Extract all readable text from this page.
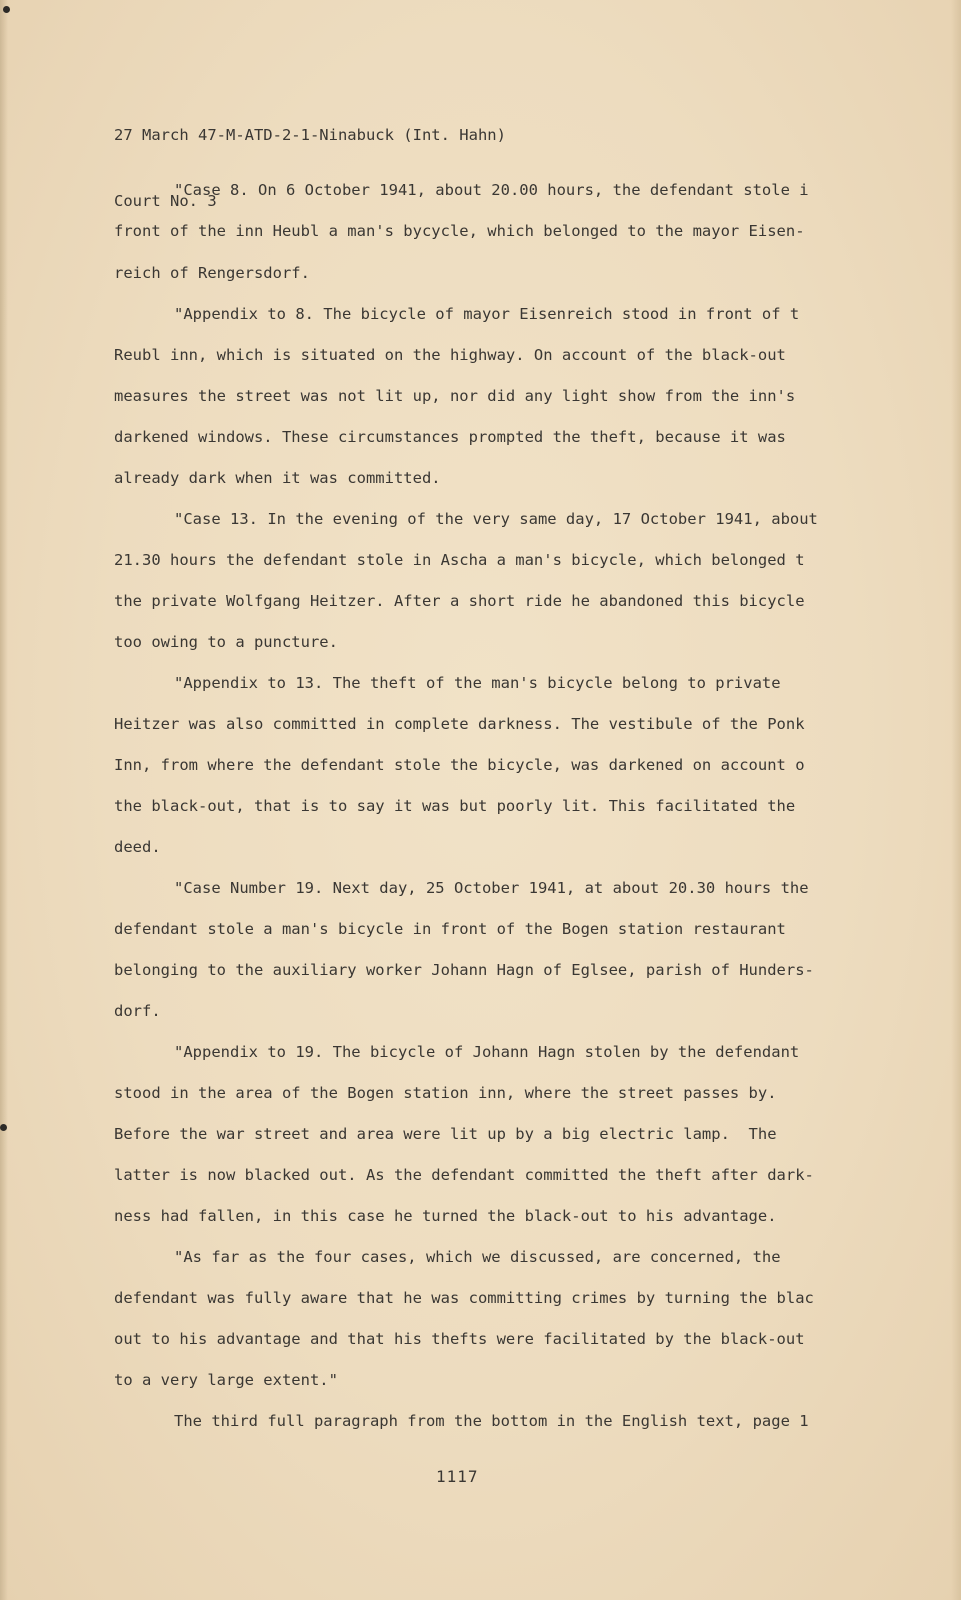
27 March 47-M-ATD-2-1-Ninabuck (Int. Hahn)

Court No. 3

"Case 8. On 6 October 1941, about 20.00 hours, the defendant stole i
front of the inn Heubl a man's bycycle, which belonged to the mayor Eisen-
reich of Rengersdorf.
"Appendix to 8. The bicycle of mayor Eisenreich stood in front of t
Reubl inn, which is situated on the highway. On account of the black-out
measures the street was not lit up, nor did any light show from the inn's
darkened windows. These circumstances prompted the theft, because it was
already dark when it was committed.
"Case 13. In the evening of the very same day, 17 October 1941, about
21.30 hours the defendant stole in Ascha a man's bicycle, which belonged t
the private Wolfgang Heitzer. After a short ride he abandoned this bicycle
too owing to a puncture.
"Appendix to 13. The theft of the man's bicycle belong to private
Heitzer was also committed in complete darkness. The vestibule of the Ponk
Inn, from where the defendant stole the bicycle, was darkened on account o
the black-out, that is to say it was but poorly lit. This facilitated the
deed.
"Case Number 19. Next day, 25 October 1941, at about 20.30 hours the
defendant stole a man's bicycle in front of the Bogen station restaurant
belonging to the auxiliary worker Johann Hagn of Eglsee, parish of Hunders-
dorf.
"Appendix to 19. The bicycle of Johann Hagn stolen by the defendant
stood in the area of the Bogen station inn, where the street passes by.
Before the war street and area were lit up by a big electric lamp.  The
latter is now blacked out. As the defendant committed the theft after dark-
ness had fallen, in this case he turned the black-out to his advantage.
"As far as the four cases, which we discussed, are concerned, the
defendant was fully aware that he was committing crimes by turning the blac
out to his advantage and that his thefts were facilitated by the black-out
to a very large extent."
The third full paragraph from the bottom in the English text, page 1
1117
